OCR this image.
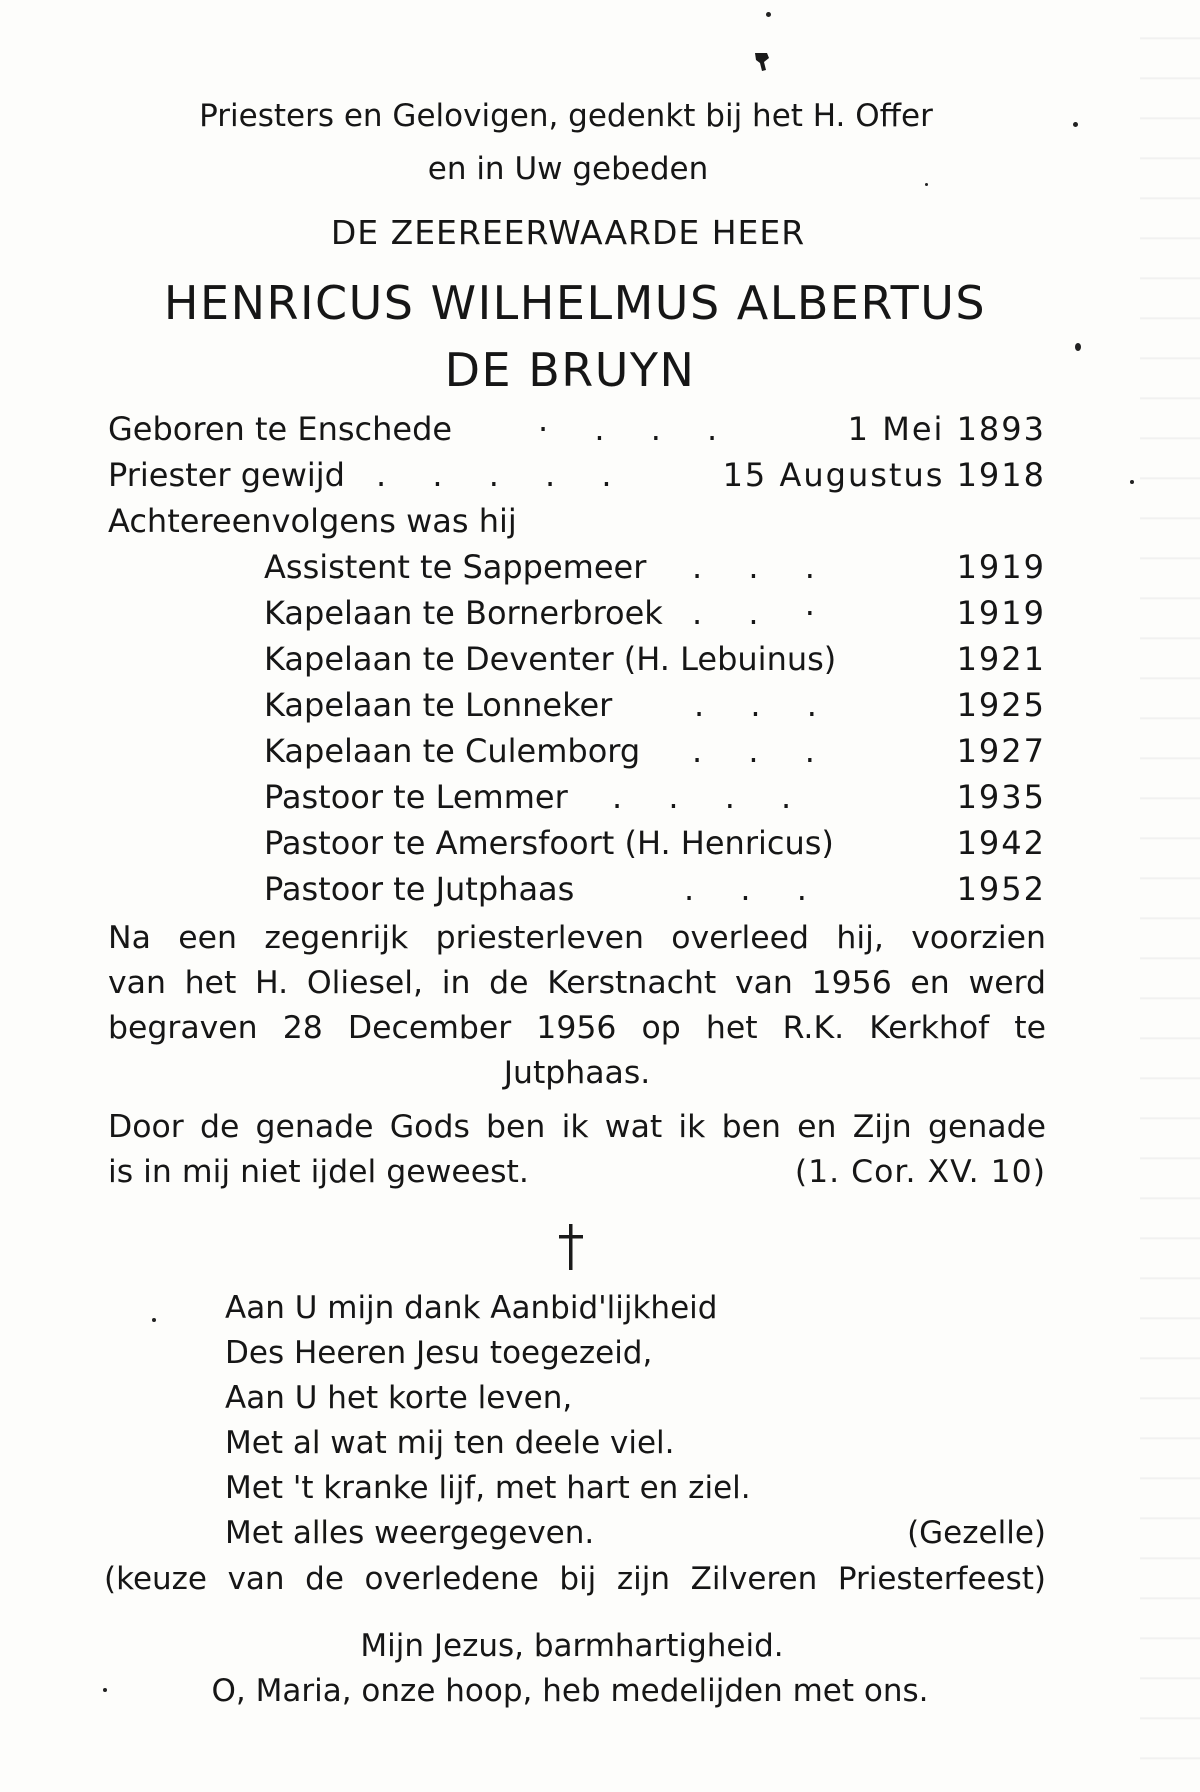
Priesters en Gelovigen, gedenkt bij het H. Offer
en in Uw gebeden
DE ZEEREERWAARDE HEER
HENRICUS WILHELMUS ALBERTUS
DE BRUYN
Geboren te Enschede	· . . .	1 Mei 1893
Priester gewijd . . . . .	15 Augustus 1918
Achtereenvolgens was hij
Assistent te Sappemeer . . .	1919
Kapelaan te Bornerbroek . . ·	1919
Kapelaan te Deventer (H. Lebuinus)	1921
Kapelaan te Lonneker	. . .	1925
Kapelaan te Culemborg . . .	1927
Pastoor te Lemmer . . . .	1935
Pastoor te Amersfoort (H. Henricus)	1942
Pastoor te Jutphaas	. . .	1952
Na een zegenrijk priesterleven overleed hij, voorzien
van het H. Oliesel, in de Kerstnacht van 1956 en werd
begraven 28 December 1956 op het R.K. Kerkhof te
Jutphaas.
Door de genade Gods ben ik wat ik ben en Zijn genade
is in mij niet ijdel geweest.	(1. Cor. XV. 10)
Aan U mijn dank Aanbid'lijkheid
Des Heeren Jesu toegezeid,
Aan U het korte leven,
Met al wat mij ten deele viel.
Met 't kranke lijf, met hart en ziel.
Met alles weergegeven.	(Gezelle)
(keuze van de overledene bij zijn Zilveren Priesterfeest)
Mijn Jezus, barmhartigheid.
O, Maria, onze hoop, heb medelijden met ons.
